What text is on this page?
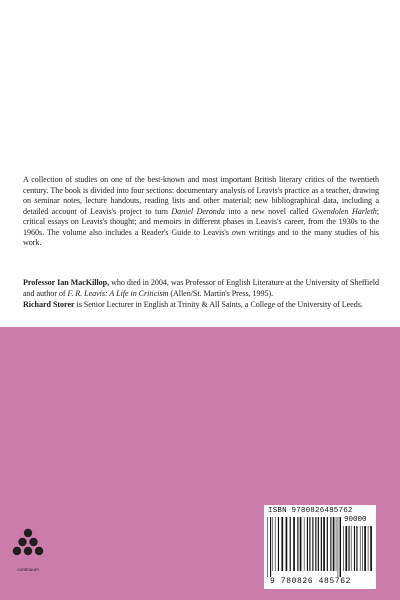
A collection of studies on one of the best-known and most important British literary critics of the twentieth century. The book is divided into four sections: documentary analysis of Leavis's practice as a teacher, drawing on seminar notes, lecture handouts, reading lists and other material; new bibliographical data, including a detailed account of Leavis's project to turn Daniel Deronda into a new novel called Gwendolen Harleth; critical essays on Leavis's thought; and memoirs in different phases in Leavis's career, from the 1930s to the 1960s. The volume also includes a Reader's Guide to Leavis's own writings and to the many studies of his work.

Professor Ian MacKillop, who died in 2004, was Professor of English Literature at the University of Sheffield and author of F. R. Leavis: A Life in Criticism (Allen/St. Martin's Press, 1995).

Richard Storer is Senior Lecturer in English at Trinity & All Saints, a College of the University of Leeds.

continuum
ISBN 9780826485762
90000
9 780826 485762
